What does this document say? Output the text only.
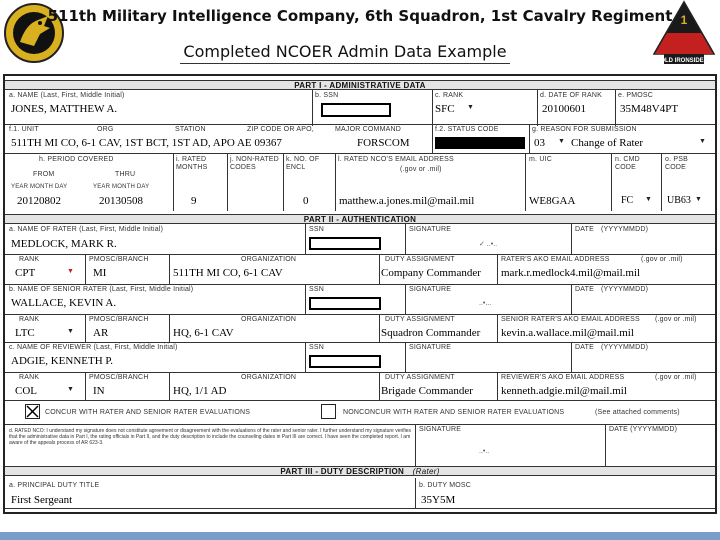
511th Military Intelligence Company, 6th Squadron, 1st Cavalry Regiment
Completed NCOER Admin Data Example	OLD IRONSIDES
1
PART I - ADMINISTRATIVE DATA
a. NAME (Last, First, Middle Initial)
JONES, MATTHEW A.
b. SSN	c. RANK
SFC ▼
d. DATE OF RANK
20100601
e. PMOSC
35M48V4PT
f.1. UNIT	ORG	STATION	ZIP CODE OR APO,	MAJOR COMMAND
511TH MI CO, 6-1 CAV, 1ST BCT, 1ST AD, APO AE 09367	FORSCOM
f.2. STATUS CODE	g. REASON FOR SUBMISSION
03 ▼ Change of Rater	▼
h. PERIOD COVERED
FROM	THRU
YEAR MONTH DAY	YEAR MONTH DAY
20120802	20130508
i. RATED MONTHS
9
j. NON-RATED CODES
k. NO. OF ENCL
0
l. RATED NCO'S EMAIL ADDRESS
(.gov or .mil)
matthew.a.jones.mil@mail.mil
m. UIC
WE8GAA
n. CMD CODE
FC ▼
o. PSB CODE
UB63 ▼
PART II - AUTHENTICATION
a. NAME OF RATER (Last, First, Middle Initial)
MEDLOCK, MARK R.
SSN	SIGNATURE
✓ ..•..
DATE (YYYYMMDD)
RANK	PMOSC/BRANCH	ORGANIZATION	DUTY ASSIGNMENT	RATER'S AKO EMAIL ADDRESS	(.gov or .mil)
CPT	▼ MI	511TH MI CO, 6-1 CAV	Company Commander mark.r.medlock4.mil@mail.mil
b. NAME OF SENIOR RATER (Last, First, Middle Initial)
WALLACE, KEVIN A.
SSN	SIGNATURE
..•...
DATE (YYYYMMDD)
RANK	PMOSC/BRANCH	ORGANIZATION	DUTY ASSIGNMENT	SENIOR RATER'S AKO EMAIL ADDRESS (.gov or .mil)
LTC	▼ AR	HQ, 6-1 CAV	Squadron Commander kevin.a.wallace.mil@mail.mil
c. NAME OF REVIEWER (Last, First, Middle Initial)
ADGIE, KENNETH P.
SSN	SIGNATURE	DATE (YYYYMMDD)
RANK	PMOSC/BRANCH	ORGANIZATION	DUTY ASSIGNMENT	REVIEWER'S AKO EMAIL ADDRESS	(.gov or .mil)
COL	▼ IN	HQ, 1/1 AD	Brigade Commander	kenneth.adgie.mil@mail.mil
CONCUR WITH RATER AND SENIOR RATER EVALUATIONS	NONCONCUR WITH RATER AND SENIOR RATER EVALUATIONS	(See attached comments)
d. RATED NCO: I understand my signature does not constitute agreement or disagreement with the evaluations of the rater and senior rater. I further understand my signature verifies that the administrative data in Part I, the rating officials in Part II, and the duty description to include the counseling dates in Part III are correct. I have seen the completed report. I am aware of the appeals process of AR 623-3.
SIGNATURE
..•..
DATE (YYYYMMDD)
PART III - DUTY DESCRIPTION (Rater)
a. PRINCIPAL DUTY TITLE
First Sergeant
b. DUTY MOSC
35Y5M
